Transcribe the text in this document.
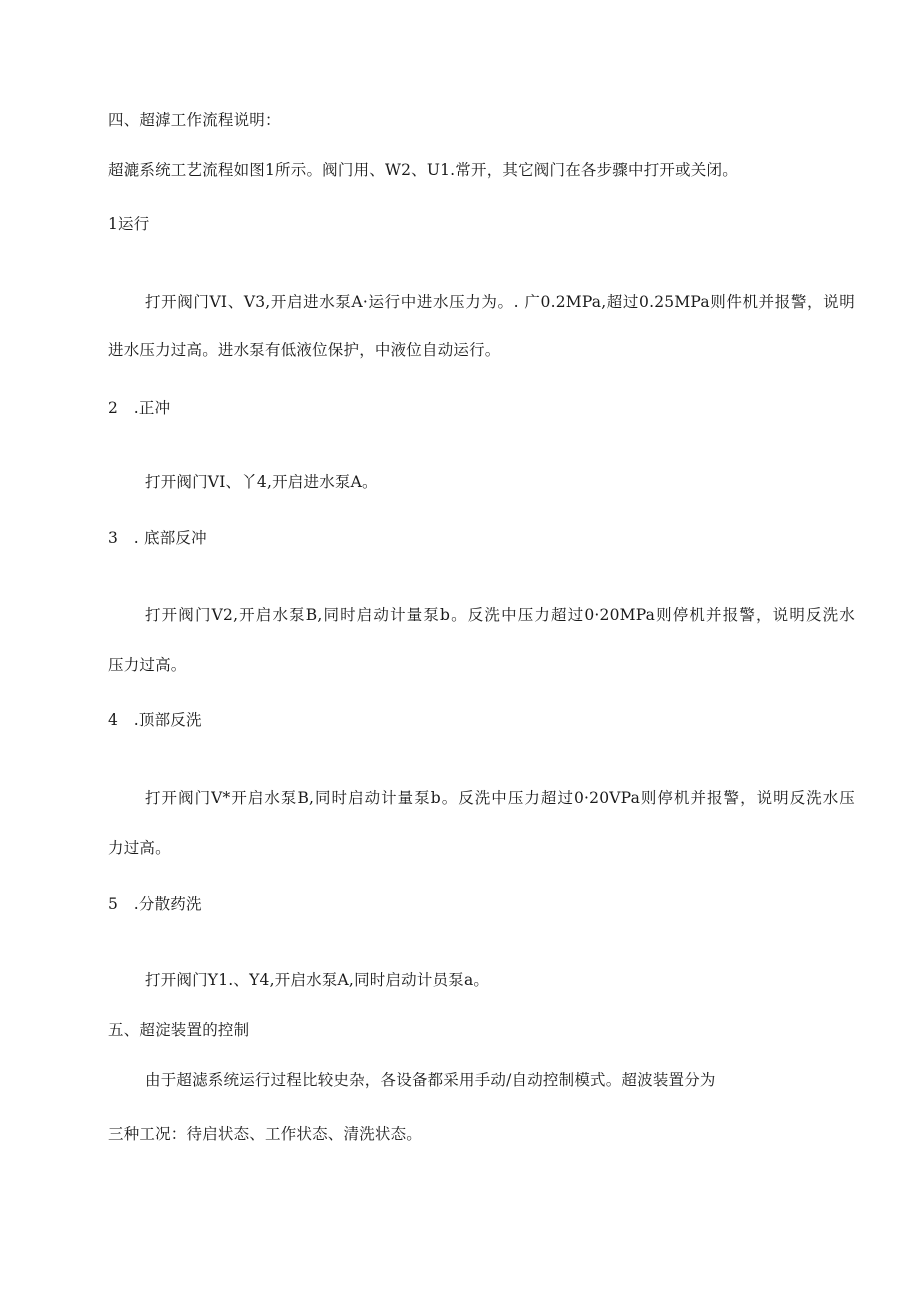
四、超滹工作流程说明：
超漉系统工艺流程如图1所示。阀门用、W2、U1.常开，其它阀门在各步骤中打开或关闭。
1运行
打开阀门VI、V3,开启进水泵A·运行中进水压力为。. 广0.2MPa,超过0.25MPa则件机并报警，说明
进水压力过高。进水泵有低液位保护，中液位自动运行。
2　.正冲
打开阀门VI、丫4,开启进水泵A。
3　. 底部反冲
打开阀门V2,开启水泵B,同时启动计量泵b。反洗中压力超过0·20MPa则停机并报警，说明反洗水
压力过高。
4　.顶部反洗
打开阀门V*开启水泵B,同时启动计量泵b。反洗中压力超过0·20VPa则停机并报警，说明反洗水压
力过高。
5　.分散药洗
打开阀门Y1.、Y4,开启水泵A,同时启动计员泵a。
五、超淀装置的控制
由于超滤系统运行过程比较史杂，各设备都采用手动/自动控制模式。超波装置分为
三种工况：待启状态、工作状态、清洗状态。
